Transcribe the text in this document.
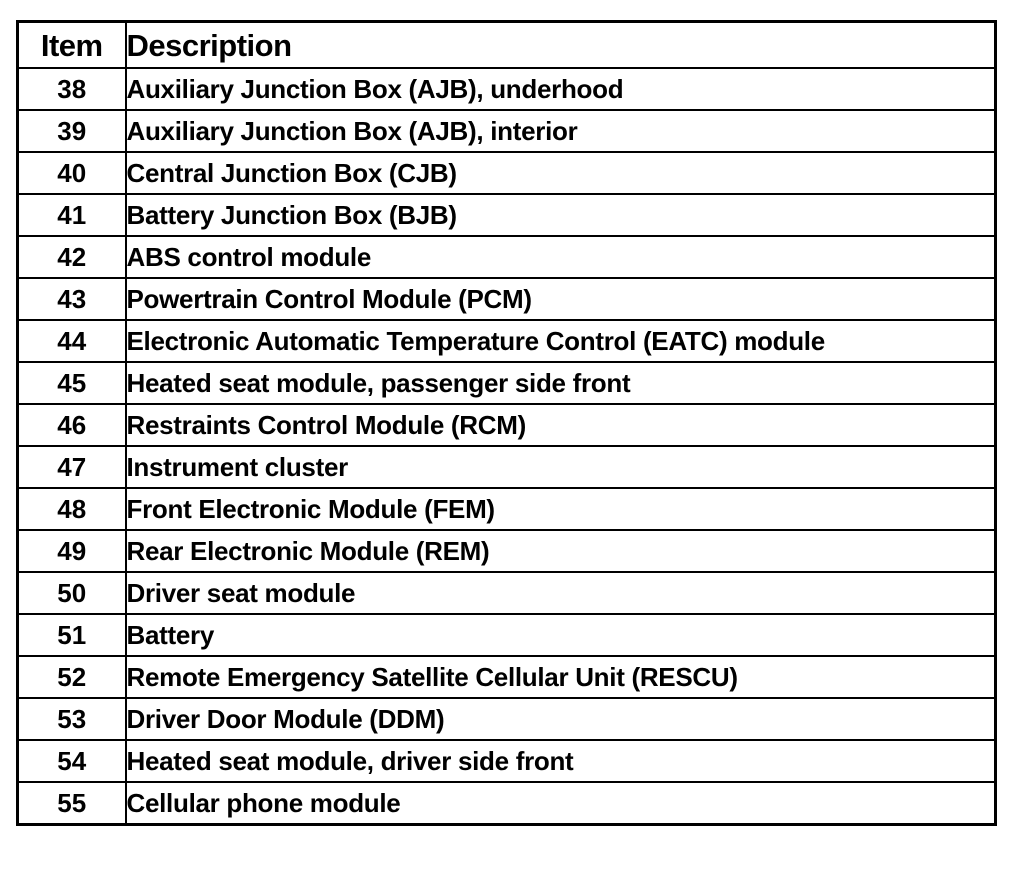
Item	Description
38	Auxiliary Junction Box (AJB), underhood
39	Auxiliary Junction Box (AJB), interior
40	Central Junction Box (CJB)
41	Battery Junction Box (BJB)
42	ABS control module
43	Powertrain Control Module (PCM)
44	Electronic Automatic Temperature Control (EATC) module
45	Heated seat module, passenger side front
46	Restraints Control Module (RCM)
47	Instrument cluster
48	Front Electronic Module (FEM)
49	Rear Electronic Module (REM)
50	Driver seat module
51	Battery
52	Remote Emergency Satellite Cellular Unit (RESCU)
53	Driver Door Module (DDM)
54	Heated seat module, driver side front
55	Cellular phone module
